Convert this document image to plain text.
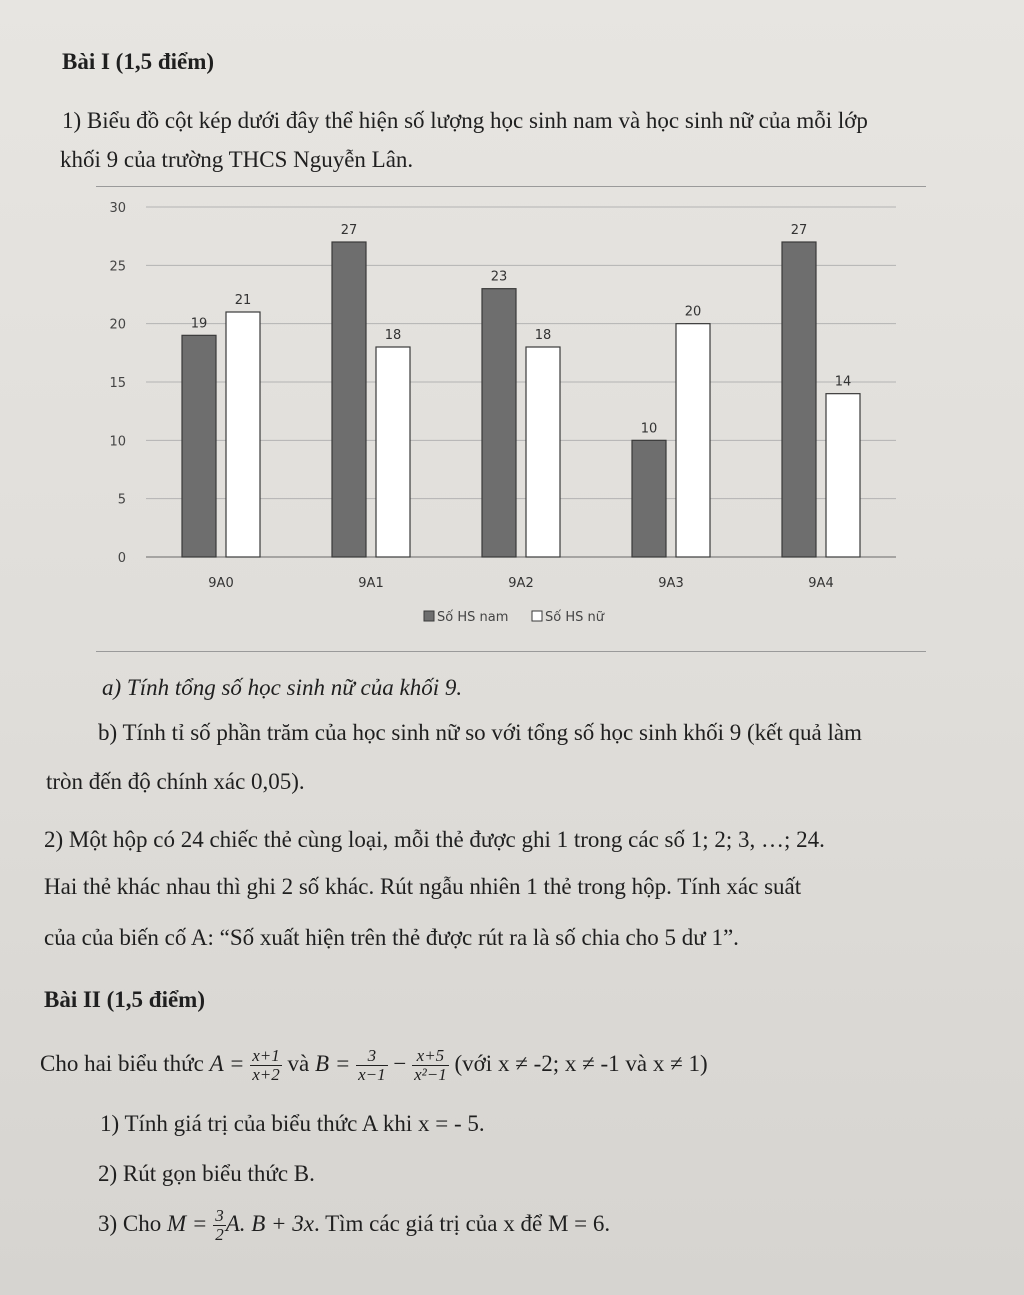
Bài I (1,5 điểm)
1) Biểu đồ cột kép dưới đây thể hiện số lượng học sinh nam và học sinh nữ của mỗi lớp
khối 9 của trường THCS Nguyễn Lân.
0
5
10
15
20
25
30
19
21
9A0
27
18
9A1
23
18
9A2
10
20
9A3
27
14
9A4
Số HS nam	Số HS nữ
a) Tính tổng số học sinh nữ của khối 9.
b) Tính tỉ số phần trăm của học sinh nữ so với tổng số học sinh khối 9 (kết quả làm
tròn đến độ chính xác 0,05).
2) Một hộp có 24 chiếc thẻ cùng loại, mỗi thẻ được ghi 1 trong các số 1; 2; 3, …; 24.
Hai thẻ khác nhau thì ghi 2 số khác. Rút ngẫu nhiên 1 thẻ trong hộp. Tính xác suất
của của biến cố A: “Số xuất hiện trên thẻ được rút ra là số chia cho 5 dư 1”.
Bài II (1,5 điểm)
Cho hai biểu thức $A = \frac{x+1}{x+2}$ và $B = \frac{3}{x-1} - \frac{x+5}{\text{x²−1}}$ (với x ≠ -2; x ≠ -1 và x ≠ 1)
1) Tính giá trị của biểu thức A khi x = - 5.
2) Rút gọn biểu thức B.
3) Cho $M = \frac{3}{2} A$. B + 3x. Tìm các giá trị của x để M = 6.
